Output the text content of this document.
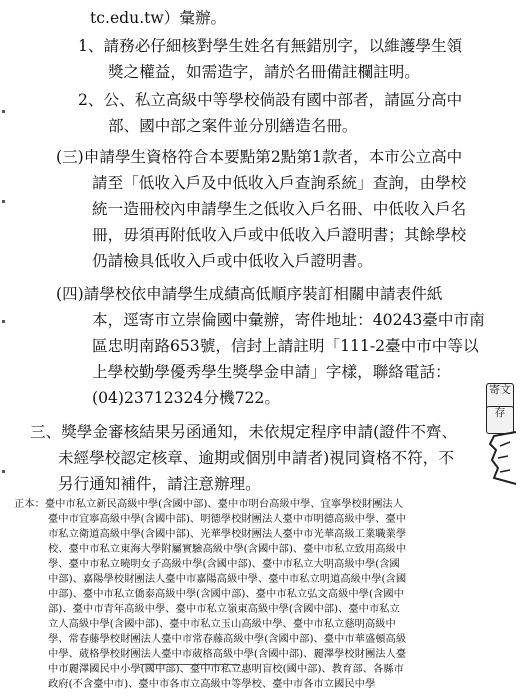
tc.edu.tw）彙辦。
1、請務必仔細核對學生姓名有無錯別字，以維護學生領
獎之權益，如需造字，請於名冊備註欄註明。
2、公、私立高級中等學校倘設有國中部者，請區分高中
部、國中部之案件並分別繕造名冊。
(三)申請學生資格符合本要點第2點第1款者，本市公立高中
請至「低收入戶及中低收入戶查詢系統」查詢，由學校
統一造冊校內申請學生之低收入戶名冊、中低收入戶名
冊，毋須再附低收入戶或中低收入戶證明書；其餘學校
仍請檢具低收入戶或中低收入戶證明書。
(四)請學校依申請學生成績高低順序裝訂相關申請表件紙
本，逕寄市立崇倫國中彙辦，寄件地址：40243臺中市南
區忠明南路653號，信封上請註明「111-2臺中市中等以
上學校勤學優秀學生獎學金申請」字樣，聯絡電話：
(04)23712324分機722。
三、獎學金審核結果另函通知，未依規定程序申請(證件不齊、
未經學校認定核章、逾期或個別申請者)視同資格不符，不
另行通知補件，請注意辦理。
正本：臺中市私立新民高級中學(含國中部)、臺中市明台高級中學、宜寧學校財團法人
臺中市宜寧高級中學(含國中部)、明德學校財團法人臺中市明德高級中學、臺中
市私立衛道高級中學(含國中部)、光華學校財團法人臺中市光華高級工業職業學
校、臺中市私立東海大學附屬實驗高級中學(含國中部)、臺中市私立致用高級中
學、臺中市私立曉明女子高級中學(含國中部)、臺中市私立大明高級中學(含國
中部)、嘉陽學校財團法人臺中市嘉陽高級中學、臺中市私立明道高級中學(含國
中部)、臺中市私立僑泰高級中學(含國中部)、臺中市私立弘文高級中學(含國中
部)、臺中市青年高級中學、臺中市私立嶺東高級中學(含國中部)、臺中市私立
立人高級中學(含國中部)、臺中市私立玉山高級中學、臺中市私立慈明高級中
學、常春藤學校財團法人臺中市常春藤高級中學(含國中部)、臺中市華盛頓高級
中學、葳格學校財團法人臺中市葳格高級中學(含國中部)、麗澤學校財團法人臺
中市麗澤國民中小學(國中部)、臺中市私立惠明盲校(國中部)、教育部、各縣市
政府(不含臺中市)、臺中市各市立高級中等學校、臺中市各市立國民中學
寄文
存
